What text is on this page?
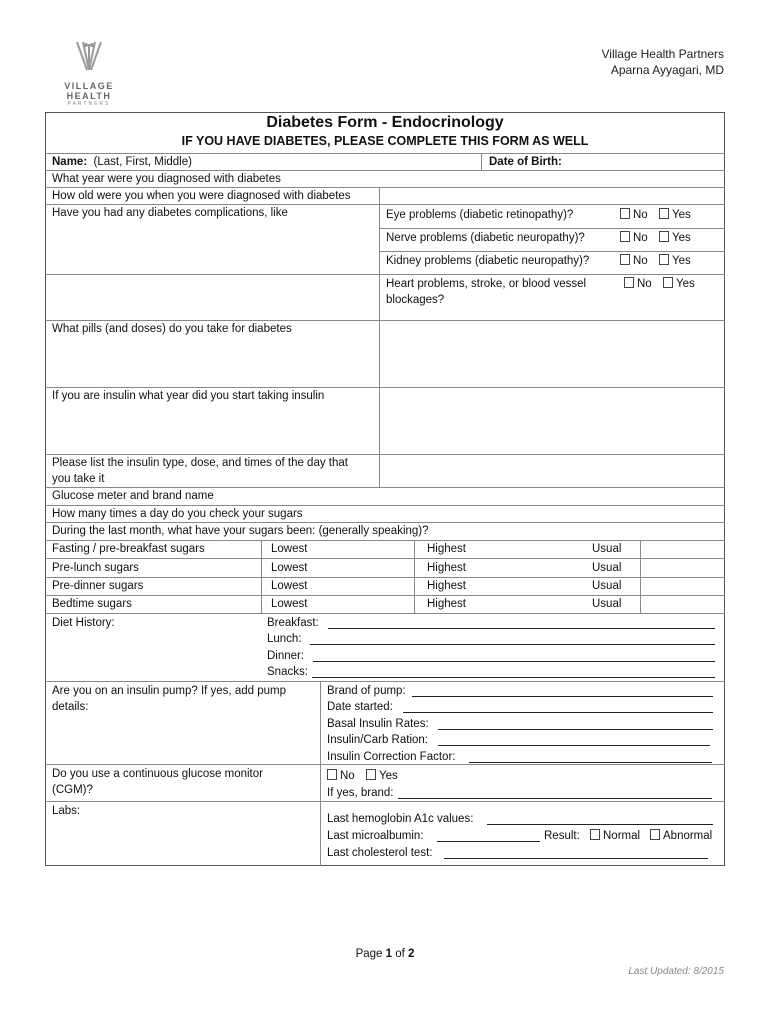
VILLAGE HEALTH
PARTNERS
Village Health Partners
Aparna Ayyagari, MD
Diabetes Form - Endocrinology
IF YOU HAVE DIABETES, PLEASE COMPLETE THIS FORM AS WELL
Name: (Last, First, Middle)	Date of Birth:
What year were you diagnosed with diabetes
How old were you when you were diagnosed with diabetes
Have you had any diabetes complications, like	Eye problems (diabetic retinopathy)?	No	Yes
Nerve problems (diabetic neuropathy)?	No	Yes
Kidney problems (diabetic neuropathy)?	No	Yes
Heart problems, stroke, or blood vessel
blockages?
No	Yes
What pills (and doses) do you take for diabetes
If you are insulin what year did you start taking insulin
Please list the insulin type, dose, and times of the day that
you take it
Glucose meter and brand name
How many times a day do you check your sugars
During the last month, what have your sugars been: (generally speaking)?
Fasting / pre-breakfast sugars	Lowest	Highest	Usual
Pre-lunch sugars	Lowest	Highest	Usual
Pre-dinner sugars	Lowest	Highest	Usual
Bedtime sugars	Lowest	Highest	Usual
Diet History:	Breakfast:
Lunch:
Dinner:
Snacks:
Are you on an insulin pump? If yes, add pump
details:
Brand of pump:
Date started:
Basal Insulin Rates:
Insulin/Carb Ration:
Insulin Correction Factor:
Do you use a continuous glucose monitor
(CGM)?
No	Yes
If yes, brand:
Labs:
Last hemoglobin A1c values:
Last microalbumin:	Result:	Normal	Abnormal
Last cholesterol test:
Page 1 of 2
Last Updated: 8/2015
